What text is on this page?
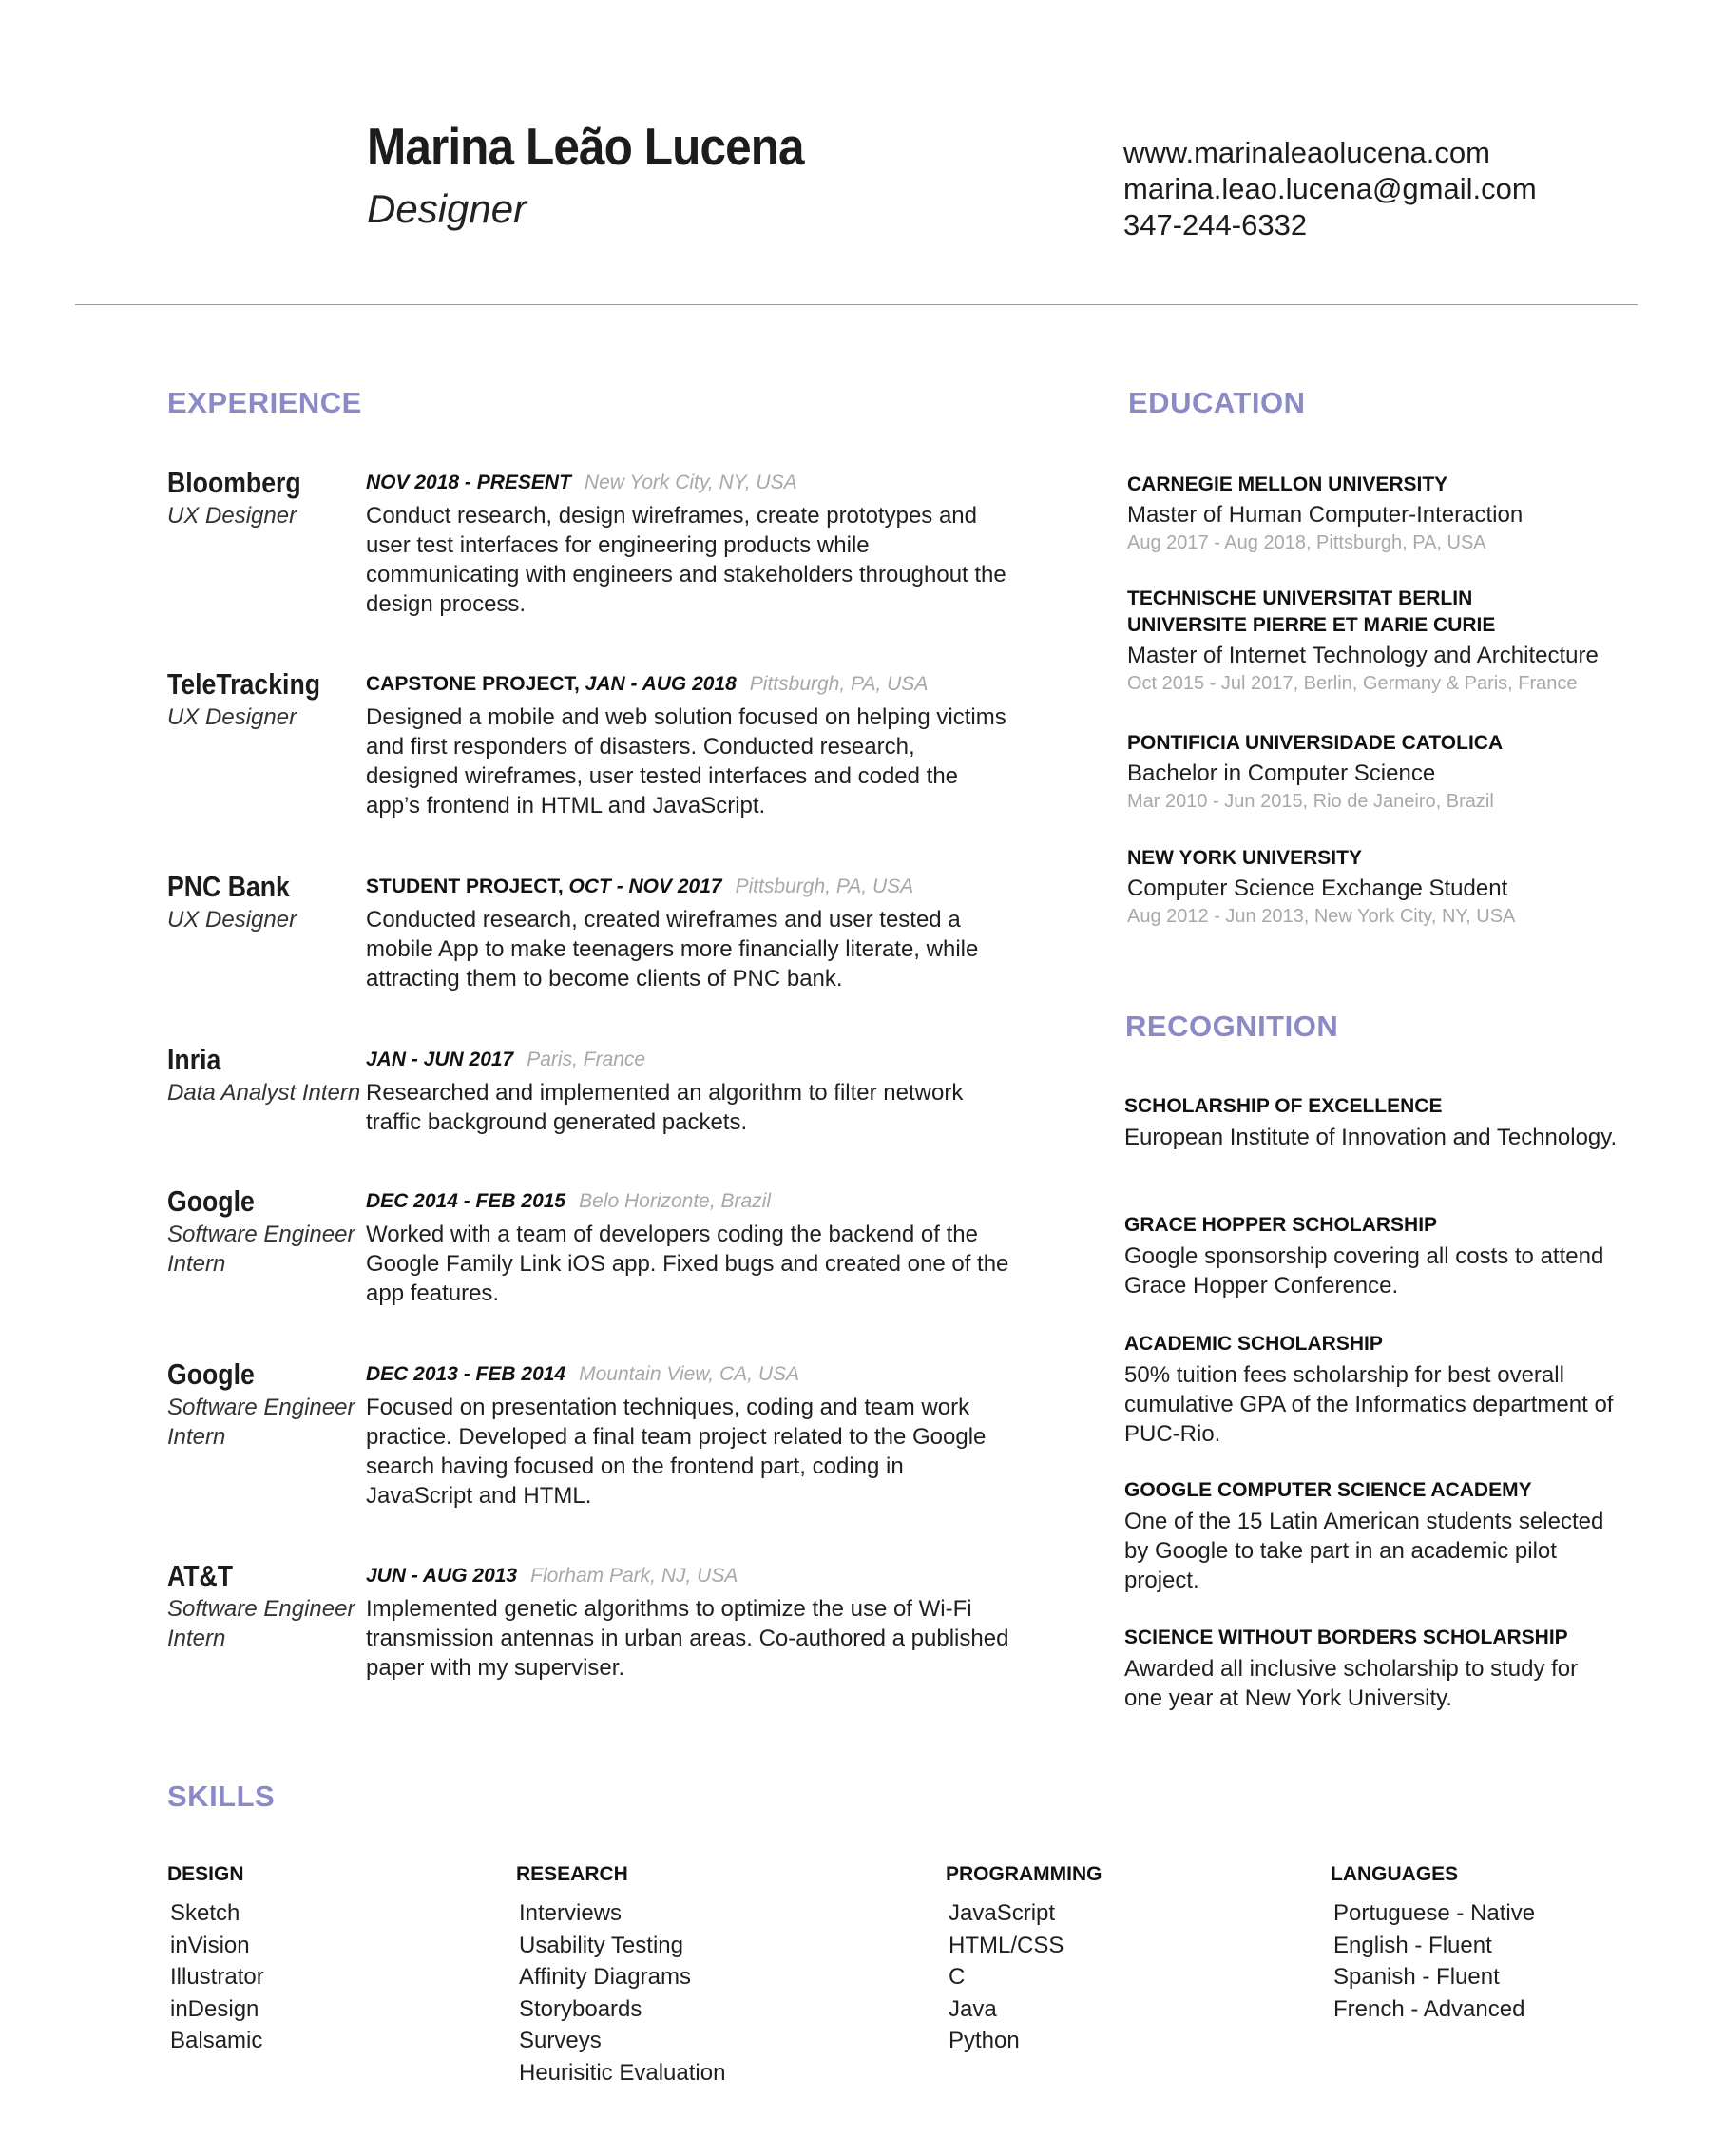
Marina Leão Lucena
Designer
www.marinaleaolucena.com
marina.leao.lucena@gmail.com
347-244-6332
EXPERIENCE
Bloomberg
UX Designer
NOV 2018 - PRESENT New York City, NY, USA
Conduct research, design wireframes, create prototypes and user test interfaces for engineering products while communicating with engineers and stakeholders throughout the design process.
TeleTracking
UX Designer
CAPSTONE PROJECT, JAN - AUG 2018 Pittsburgh, PA, USA
Designed a mobile and web solution focused on helping victims and first responders of disasters. Conducted research, designed wireframes, user tested interfaces and coded the app’s frontend in HTML and JavaScript.
PNC Bank
UX Designer
STUDENT PROJECT, OCT - NOV 2017 Pittsburgh, PA, USA
Conducted research, created wireframes and user tested a mobile App to make teenagers more financially literate, while attracting them to become clients of PNC bank.
Inria
Data Analyst Intern
JAN - JUN 2017 Paris, France
Researched and implemented an algorithm to filter network traffic background generated packets.
Google
Software Engineer Intern
DEC 2014 - FEB 2015 Belo Horizonte, Brazil
Worked with a team of developers coding the backend of the Google Family Link iOS app. Fixed bugs and created one of the app features.
Google
Software Engineer Intern
DEC 2013 - FEB 2014 Mountain View, CA, USA
Focused on presentation techniques, coding and team work practice. Developed a final team project related to the Google search having focused on the frontend part, coding in JavaScript and HTML.
AT&T
Software Engineer Intern
JUN - AUG 2013 Florham Park, NJ, USA
Implemented genetic algorithms to optimize the use of Wi-Fi transmission antennas in urban areas. Co-authored a published paper with my superviser.
EDUCATION
CARNEGIE MELLON UNIVERSITY
Master of Human Computer-Interaction
Aug 2017 - Aug 2018, Pittsburgh, PA, USA
TECHNISCHE UNIVERSITAT BERLIN
UNIVERSITE PIERRE ET MARIE CURIE
Master of Internet Technology and Architecture
Oct 2015 - Jul 2017, Berlin, Germany & Paris, France
PONTIFICIA UNIVERSIDADE CATOLICA
Bachelor in Computer Science
Mar 2010 - Jun 2015, Rio de Janeiro, Brazil
NEW YORK UNIVERSITY
Computer Science Exchange Student
Aug 2012 - Jun 2013, New York City, NY, USA
RECOGNITION
SCHOLARSHIP OF EXCELLENCE
European Institute of Innovation and Technology.
GRACE HOPPER SCHOLARSHIP
Google sponsorship covering all costs to attend Grace Hopper Conference.
ACADEMIC SCHOLARSHIP
50% tuition fees scholarship for best overall cumulative GPA of the Informatics department of PUC-Rio.
GOOGLE COMPUTER SCIENCE ACADEMY
One of the 15 Latin American students selected by Google to take part in an academic pilot project.
SCIENCE WITHOUT BORDERS SCHOLARSHIP
Awarded all inclusive scholarship to study for one year at New York University.
SKILLS
DESIGN
Sketch
inVision
Illustrator
inDesign
Balsamic
RESEARCH
Interviews
Usability Testing
Affinity Diagrams
Storyboards
Surveys
Heurisitic Evaluation
PROGRAMMING
JavaScript
HTML/CSS
C
Java
Python
LANGUAGES
Portuguese - Native
English - Fluent
Spanish - Fluent
French - Advanced
